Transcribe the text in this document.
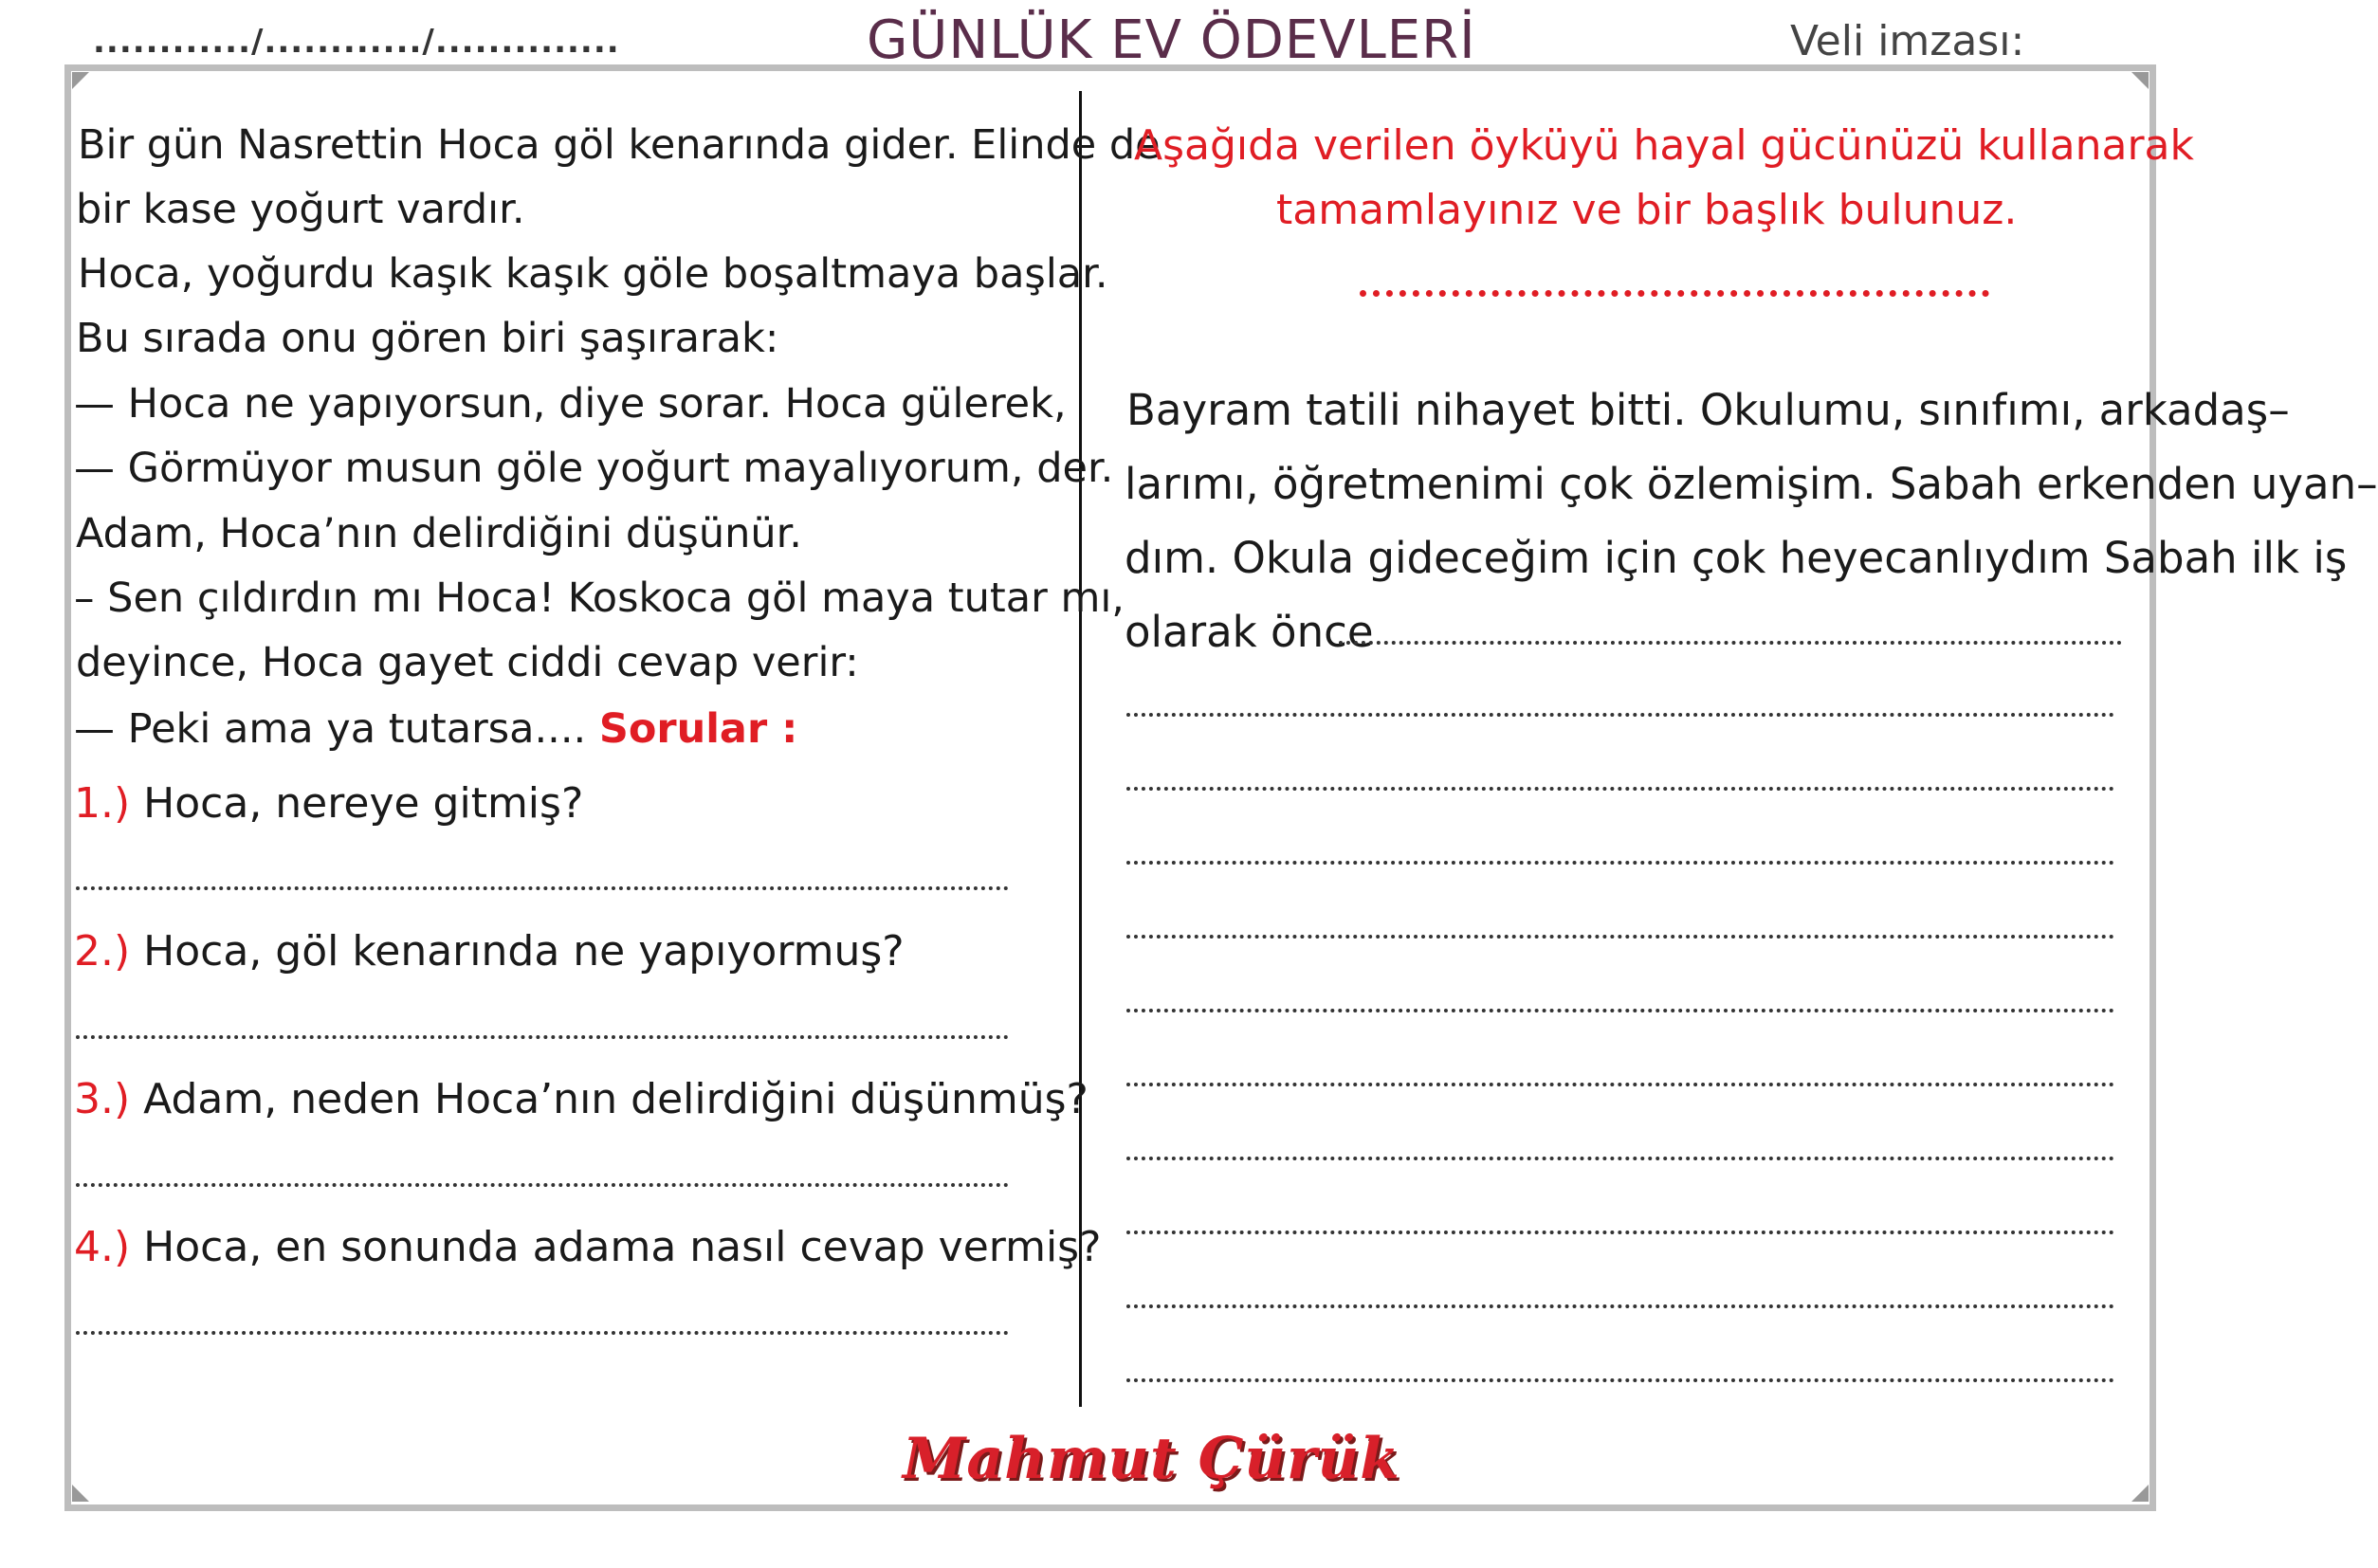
............/............/..............	GÜNLÜK EV ÖDEVLERİ	Veli imzası:
Bir gün Nasrettin Hoca göl kenarında gider. Elinde de
bir kase yoğurt vardır.
Hoca, yoğurdu kaşık kaşık göle boşaltmaya başlar.
Bu sırada onu gören biri şaşırarak:
— Hoca ne yapıyorsun, diye sorar. Hoca gülerek,
— Görmüyor musun göle yoğurt mayalıyorum, der.
Adam, Hoca’nın delirdiğini düşünür.
– Sen çıldırdın mı Hoca! Koskoca göl maya tutar mı,
deyince, Hoca gayet ciddi cevap verir:
— Peki ama ya tutarsa.... Sorular :
1.) Hoca, nereye gitmiş?
2.) Hoca, göl kenarında ne yapıyormuş?
3.) Adam, neden Hoca’nın delirdiğini düşünmüş?
4.) Hoca, en sonunda adama nasıl cevap vermiş?
Aşağıda verilen öyküyü hayal gücünüzü kullanarak
tamamlayınız ve bir başlık bulunuz.
Bayram tatili nihayet bitti. Okulumu, sınıfımı, arkadaş–
larımı, öğretmenimi çok özlemişim. Sabah erkenden uyan–
dım. Okula gideceğim için çok heyecanlıydım Sabah ilk iş
olarak önce
Mahmut Çürük
